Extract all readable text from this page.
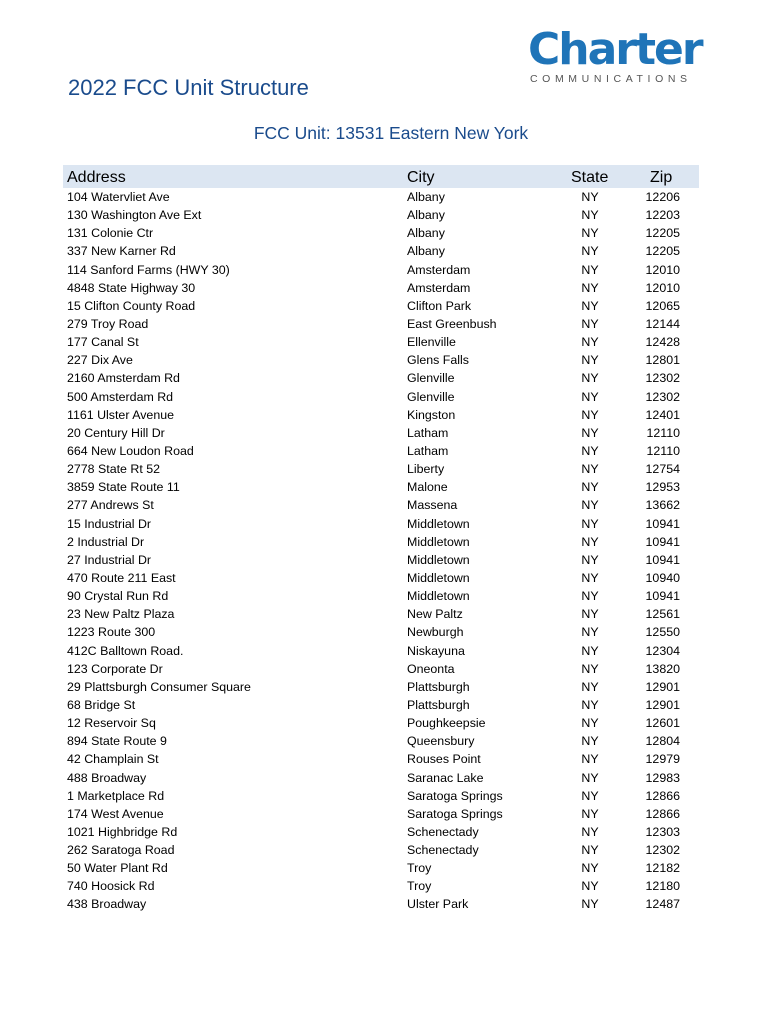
Charter
COMMUNICATIONS
2022 FCC Unit Structure
FCC Unit: 13531 Eastern New York
Address	City	State	Zip
104 Watervliet Ave	Albany	NY	12206
130 Washington Ave Ext	Albany	NY	12203
131 Colonie Ctr	Albany	NY	12205
337 New Karner Rd	Albany	NY	12205
114 Sanford Farms (HWY 30)	Amsterdam	NY	12010
4848 State Highway 30	Amsterdam	NY	12010
15 Clifton County Road	Clifton Park	NY	12065
279 Troy Road	East Greenbush	NY	12144
177 Canal St	Ellenville	NY	12428
227 Dix Ave	Glens Falls	NY	12801
2160 Amsterdam Rd	Glenville	NY	12302
500 Amsterdam Rd	Glenville	NY	12302
1161 Ulster Avenue	Kingston	NY	12401
20 Century Hill Dr	Latham	NY	12110
664 New Loudon Road	Latham	NY	12110
2778 State Rt 52	Liberty	NY	12754
3859 State Route 11	Malone	NY	12953
277 Andrews St	Massena	NY	13662
15 Industrial Dr	Middletown	NY	10941
2 Industrial Dr	Middletown	NY	10941
27 Industrial Dr	Middletown	NY	10941
470 Route 211 East	Middletown	NY	10940
90 Crystal Run Rd	Middletown	NY	10941
23 New Paltz Plaza	New Paltz	NY	12561
1223 Route 300	Newburgh	NY	12550
412C Balltown Road.	Niskayuna	NY	12304
123 Corporate Dr	Oneonta	NY	13820
29 Plattsburgh Consumer Square	Plattsburgh	NY	12901
68 Bridge St	Plattsburgh	NY	12901
12 Reservoir Sq	Poughkeepsie	NY	12601
894 State Route 9	Queensbury	NY	12804
42 Champlain St	Rouses Point	NY	12979
488 Broadway	Saranac Lake	NY	12983
1 Marketplace Rd	Saratoga Springs	NY	12866
174 West Avenue	Saratoga Springs	NY	12866
1021 Highbridge Rd	Schenectady	NY	12303
262 Saratoga Road	Schenectady	NY	12302
50 Water Plant Rd	Troy	NY	12182
740 Hoosick Rd	Troy	NY	12180
438 Broadway	Ulster Park	NY	12487
